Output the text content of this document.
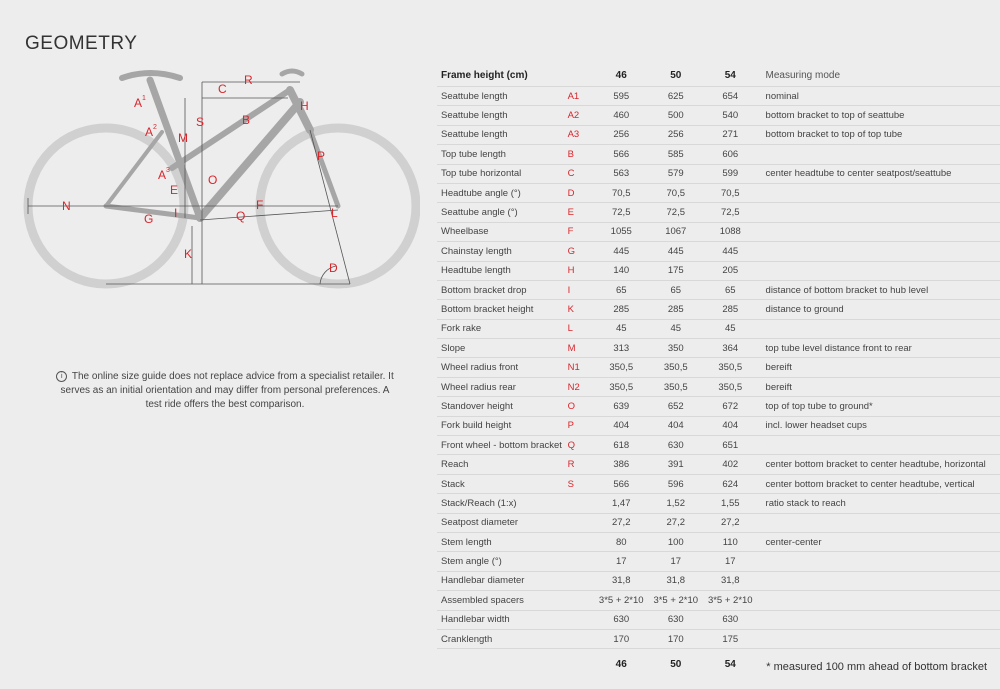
GEOMETRY
R
C
A 1
H
S	B
A 2
M
P
A 3
E
O
N	F
G I	Q	L
K
D

i The online size guide does not replace advice from a specialist retailer. It serves as an initial orientation and may differ from personal preferences. A test ride offers the best comparison.

Frame height (cm)		46	50	54	Measuring mode
Seattube length	A1	595	625	654	nominal
Seattube length	A2	460	500	540	bottom bracket to top of seattube
Seattube length	A3	256	256	271	bottom bracket to top of top tube
Top tube length	B	566	585	606	
Top tube horizontal	C	563	579	599	center headtube to center seatpost/seattube
Headtube angle (°)	D	70,5	70,5	70,5	
Seattube angle (°)	E	72,5	72,5	72,5	
Wheelbase	F	1055	1067	1088	
Chainstay length	G	445	445	445	
Headtube length	H	140	175	205	
Bottom bracket drop	I	65	65	65	distance of bottom bracket to hub level
Bottom bracket height	K	285	285	285	distance to ground
Fork rake	L	45	45	45	
Slope	M	313	350	364	top tube level distance front to rear
Wheel radius front	N1	350,5	350,5	350,5	bereift
Wheel radius rear	N2	350,5	350,5	350,5	bereift
Standover height	O	639	652	672	top of top tube to ground*
Fork build height	P	404	404	404	incl. lower headset cups
Front wheel - bottom bracket	Q	618	630	651	
Reach	R	386	391	402	center bottom bracket to center headtube, horizontal
Stack	S	566	596	624	center bottom bracket to center headtube, vertical
Stack/Reach (1:x)		1,47	1,52	1,55	ratio stack to reach
Seatpost diameter		27,2	27,2	27,2	
Stem length		80	100	110	center-center
Stem angle (°)		17	17	17	
Handlebar diameter		31,8	31,8	31,8	
Assembled spacers		3*5 + 2*10	3*5 + 2*10	3*5 + 2*10	
Handlebar width		630	630	630	
Cranklength		170	170	175	
		46	50	54		* measured 100 mm ahead of bottom bracket
